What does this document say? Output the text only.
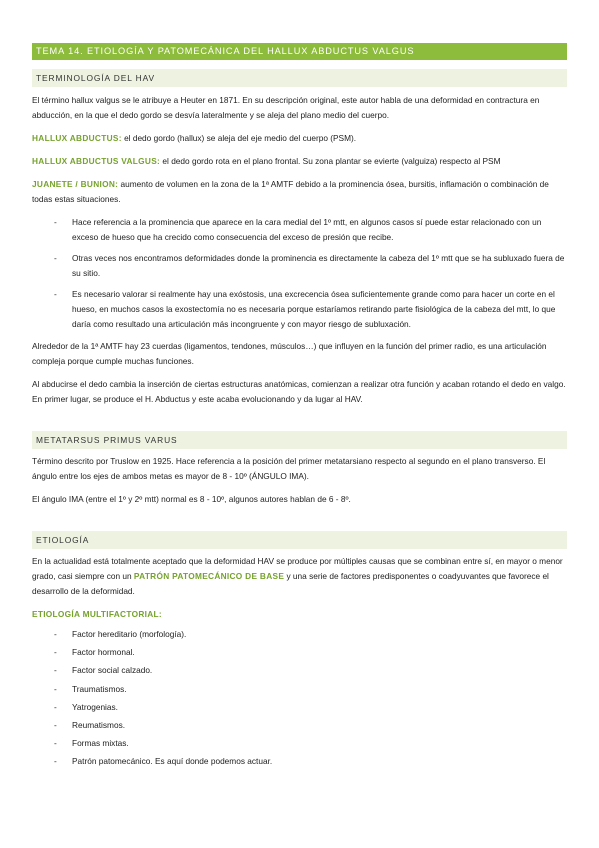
TEMA 14. ETIOLOGÍA Y PATOMECÁNICA DEL HALLUX ABDUCTUS VALGUS
TERMINOLOGÍA DEL HAV

El término hallux valgus se le atribuye a Heuter en 1871. En su descripción original, este autor habla de una deformidad en contractura en abducción, en la que el dedo gordo se desvía lateralmente y se aleja del plano medio del cuerpo.

HALLUX ABDUCTUS: el dedo gordo (hallux) se aleja del eje medio del cuerpo (PSM).

HALLUX ABDUCTUS VALGUS: el dedo gordo rota en el plano frontal. Su zona plantar se evierte (valguiza) respecto al PSM

JUANETE / BUNION: aumento de volumen en la zona de la 1ª AMTF debido a la prominencia ósea, bursitis, inflamación o combinación de todas estas situaciones.

- Hace referencia a la prominencia que aparece en la cara medial del 1º mtt, en algunos casos sí puede estar relacionado con un exceso de hueso que ha crecido como consecuencia del exceso de presión que recibe.
- Otras veces nos encontramos deformidades donde la prominencia es directamente la cabeza del 1º mtt que se ha subluxado fuera de su sitio.
- Es necesario valorar si realmente hay una exóstosis, una excrecencia ósea suficientemente grande como para hacer un corte en el hueso, en muchos casos la exostectomía no es necesaria porque estaríamos retirando parte fisiológica de la cabeza del mtt, lo que daría como resultado una articulación más incongruente y con mayor riesgo de subluxación.

Alrededor de la 1ª AMTF hay 23 cuerdas (ligamentos, tendones, músculos…) que influyen en la función del primer radio, es una articulación compleja porque cumple muchas funciones.

Al abducirse el dedo cambia la inserción de ciertas estructuras anatómicas, comienzan a realizar otra función y acaban rotando el dedo en valgo. En primer lugar, se produce el H. Abductus y este acaba evolucionando y da lugar al HAV.

METATARSUS PRIMUS VARUS

Término descrito por Truslow en 1925. Hace referencia a la posición del primer metatarsiano respecto al segundo en el plano transverso. El ángulo entre los ejes de ambos metas es mayor de 8 - 10º (ÁNGULO IMA).

El ángulo IMA (entre el 1º y 2º mtt) normal es 8 - 10º, algunos autores hablan de 6 - 8º.

ETIOLOGÍA

En la actualidad está totalmente aceptado que la deformidad HAV se produce por múltiples causas que se combinan entre sí, en mayor o menor grado, casi siempre con un PATRÓN PATOMECÁNICO DE BASE y una serie de factores predisponentes o coadyuvantes que favorece el desarrollo de la deformidad.

ETIOLOGÍA MULTIFACTORIAL:

- Factor hereditario (morfología).
- Factor hormonal.
- Factor social calzado.
- Traumatismos.
- Yatrogenias.
- Reumatismos.
- Formas mixtas.
- Patrón patomecánico. Es aquí donde podemos actuar.
